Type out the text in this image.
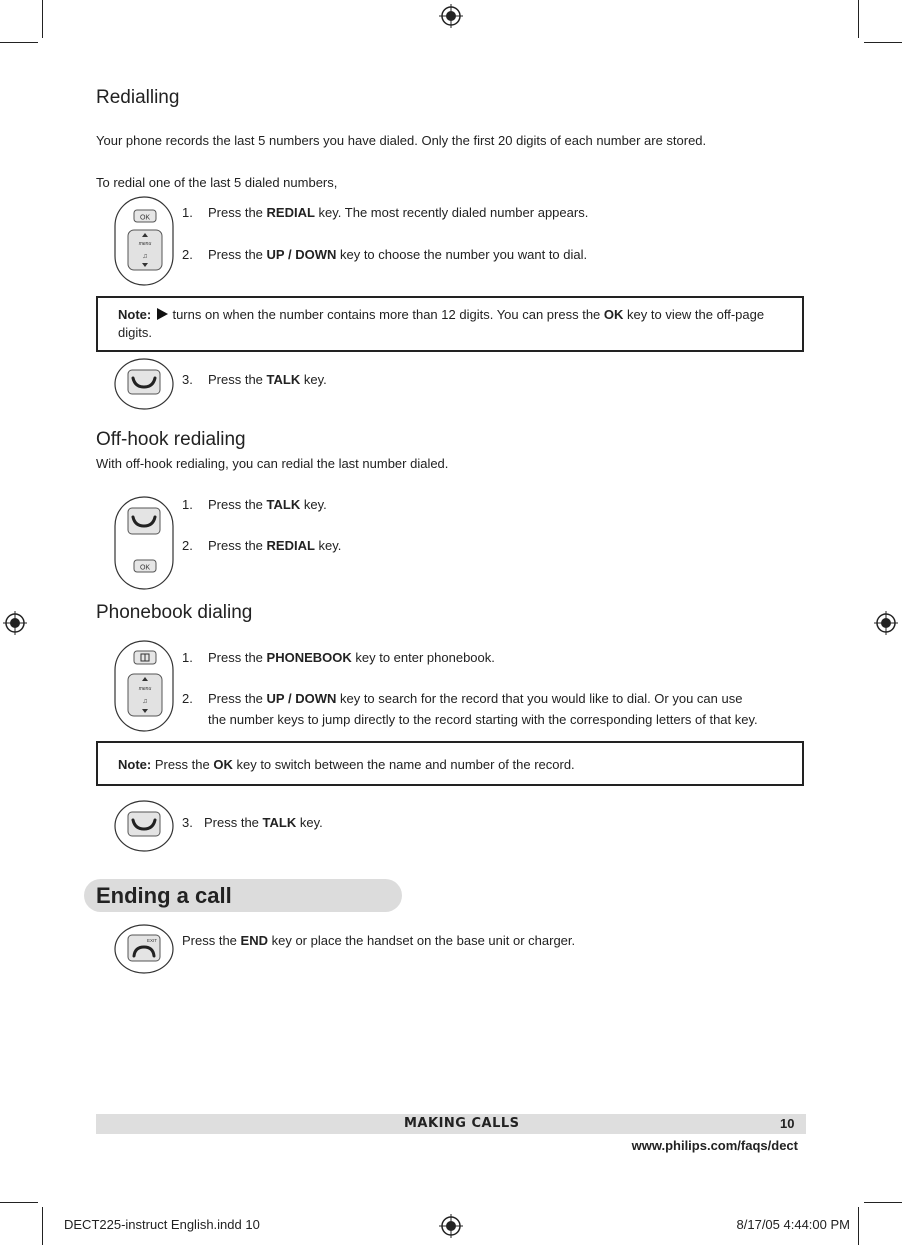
Redialling
Your phone records the last 5 numbers you have dialed. Only the first 20 digits of each number are stored.
To redial one of the last 5 dialed numbers,
OK
menu
♫
1. Press the REDIAL key. The most recently dialed number appears.
2. Press the UP / DOWN key to choose the number you want to dial.
Note:  turns on when the number contains more than 12 digits. You can press the OK key to view the off-page digits.
3. Press the TALK key.
Off-hook redialing
With off-hook redialing, you can redial the last number dialed.
OK
1. Press the TALK key.
2. Press the REDIAL key.
Phonebook dialing
menu
♫
1. Press the PHONEBOOK key to enter phonebook.
2. Press the UP / DOWN key to search for the record that you would like to dial. Or you can use
the number keys to jump directly to the record starting with the corresponding letters of that key.
Note: Press the OK key to switch between the name and number of the record.
3. Press the TALK key.
Ending a call
EXIT Press the END key or place the handset on the base unit or charger.
MAKING CALLS	10
www.philips.com/faqs/dect
DECT225-instruct English.indd 10	8/17/05 4:44:00 PM
